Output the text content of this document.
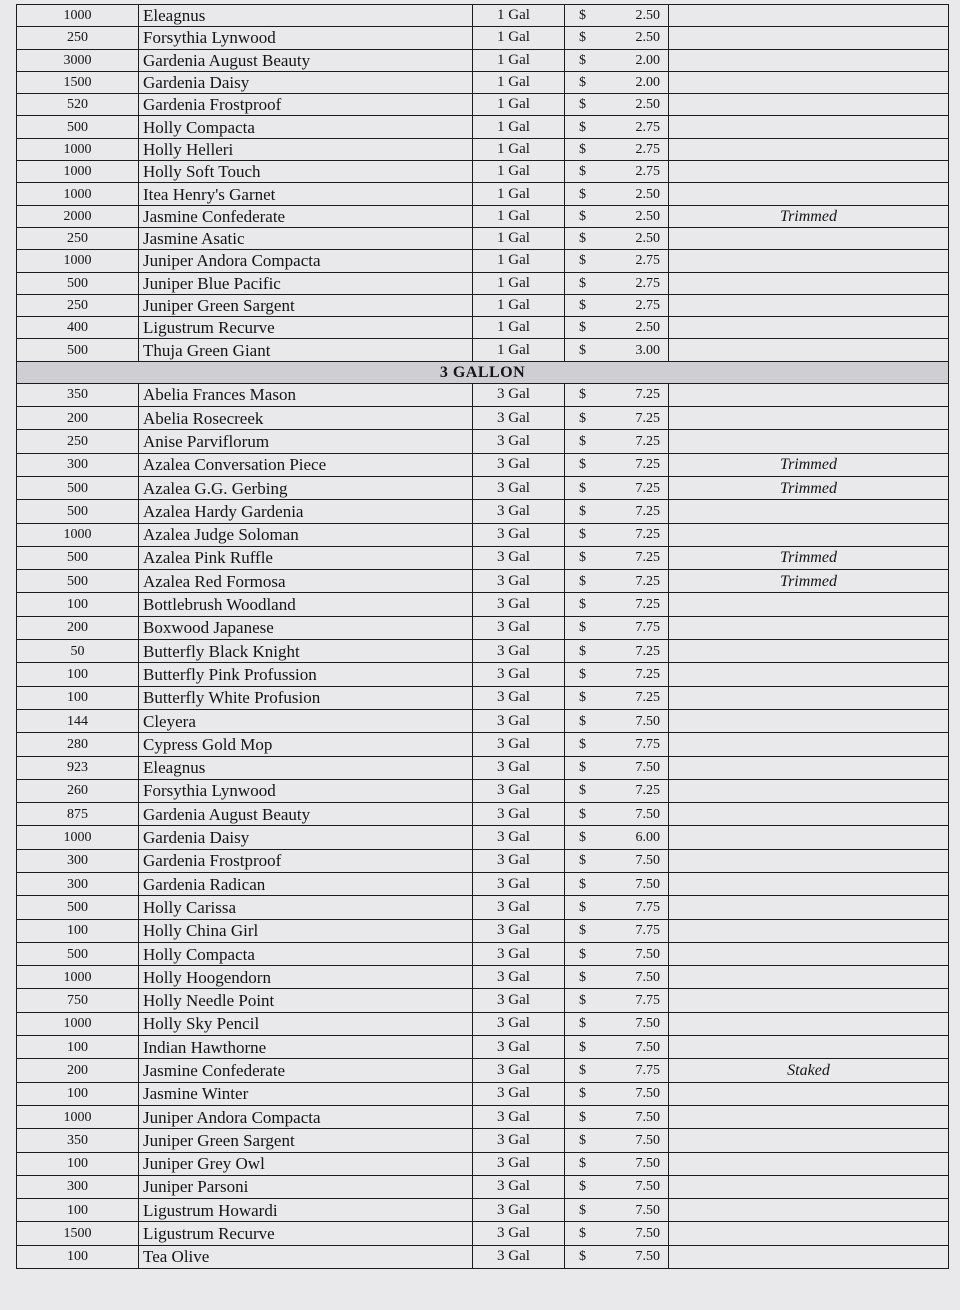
1000	Eleagnus	1 Gal	$ 2.50	

250	Forsythia Lynwood	1 Gal	$ 2.50	

3000	Gardenia August Beauty	1 Gal	$ 2.00	

1500	Gardenia Daisy	1 Gal	$ 2.00	

520	Gardenia Frostproof	1 Gal	$ 2.50	

500	Holly Compacta	1 Gal	$ 2.75	

1000	Holly Helleri	1 Gal	$ 2.75	

1000	Holly Soft Touch	1 Gal	$ 2.75	

1000	Itea Henry's Garnet	1 Gal	$ 2.50	

2000	Jasmine Confederate	1 Gal	$ 2.50	Trimmed
250	Jasmine Asatic	1 Gal	$ 2.50	

1000	Juniper Andora Compacta	1 Gal	$ 2.75	

500	Juniper Blue Pacific	1 Gal	$ 2.75	

250	Juniper Green Sargent	1 Gal	$ 2.75	

400	Ligustrum Recurve	1 Gal	$ 2.50	

500	Thuja Green Giant	1 Gal	$ 3.00	

3 GALLON				
350	Abelia Frances Mason	3 Gal	$ 7.25	

200	Abelia Rosecreek	3 Gal	$ 7.25	

250	Anise Parviflorum	3 Gal	$ 7.25	

300	Azalea Conversation Piece	3 Gal	$ 7.25	Trimmed
500	Azalea G.G. Gerbing	3 Gal	$ 7.25	Trimmed
500	Azalea Hardy Gardenia	3 Gal	$ 7.25	

1000	Azalea Judge Soloman	3 Gal	$ 7.25	

500	Azalea Pink Ruffle	3 Gal	$ 7.25	Trimmed
500	Azalea Red Formosa	3 Gal	$ 7.25	Trimmed
100	Bottlebrush Woodland	3 Gal	$ 7.25	

200	Boxwood Japanese	3 Gal	$ 7.75	

50	Butterfly Black Knight	3 Gal	$ 7.25	

100	Butterfly Pink Profussion	3 Gal	$ 7.25	

100	Butterfly White Profusion	3 Gal	$ 7.25	

144	Cleyera	3 Gal	$ 7.50	

280	Cypress Gold Mop	3 Gal	$ 7.75	

923	Eleagnus	3 Gal	$ 7.50	

260	Forsythia Lynwood	3 Gal	$ 7.25	

875	Gardenia August Beauty	3 Gal	$ 7.50	

1000	Gardenia Daisy	3 Gal	$ 6.00	

300	Gardenia Frostproof	3 Gal	$ 7.50	

300	Gardenia Radican	3 Gal	$ 7.50	

500	Holly Carissa	3 Gal	$ 7.75	

100	Holly China Girl	3 Gal	$ 7.75	

500	Holly Compacta	3 Gal	$ 7.50	

1000	Holly Hoogendorn	3 Gal	$ 7.50	

750	Holly Needle Point	3 Gal	$ 7.75	

1000	Holly Sky Pencil	3 Gal	$ 7.50	

100	Indian Hawthorne	3 Gal	$ 7.50	

200	Jasmine Confederate	3 Gal	$ 7.75	Staked
100	Jasmine Winter	3 Gal	$ 7.50	

1000	Juniper Andora Compacta	3 Gal	$ 7.50	

350	Juniper Green Sargent	3 Gal	$ 7.50	

100	Juniper Grey Owl	3 Gal	$ 7.50	

300	Juniper Parsoni	3 Gal	$ 7.50	

100	Ligustrum Howardi	3 Gal	$ 7.50	

1500	Ligustrum Recurve	3 Gal	$ 7.50	

100	Tea Olive	3 Gal	$ 7.50	
